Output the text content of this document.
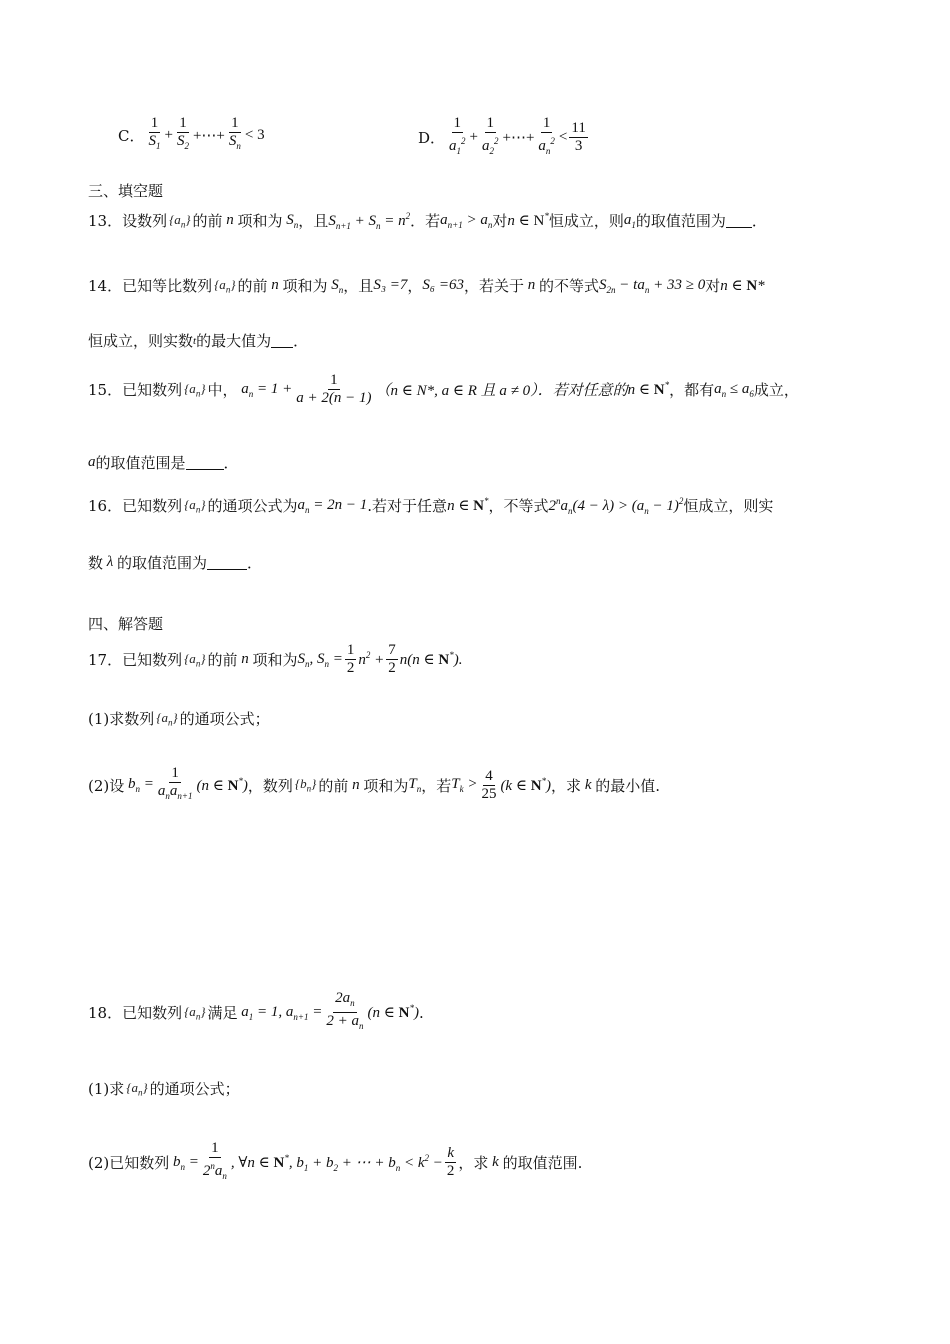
C． $\frac{1}{S_1} + \frac{1}{S_2}$ +⋯+ $\frac{1}{S_n} < 3$	D． $\frac{1}{a_1^2} + \frac{1}{a_2^2}$ +⋯+ $\frac{1}{a_n^2} < \frac{11}{3}$
三、填空题
13． 设数列 $\{a_n\}$ 的前 n 项和为 $S_n$ ，且 $S_{n+1} + S_n = n^2$ ．若 $a_{n+1} > a_n$ 对 n ∈ N* 恒成立，则 $a_1$ 的取值范围为 ．
14． 已知等比数列 $\{a_n\}$ 的前 n 项和为 $S_n$ ，且 S₃ =7 ， S₆ =63 ，若关于 n 的不等式 $S_{2n} - ta_n + 33 \ge 0$ 对 n ∈ N*
恒成立，则实数 t 的最大值为 ．
15． 已知数列 $\{a_n\}$ 中， $a_n = 1 + \frac{1}{a + 2(n - 1)} (n$ ∈ N*, a ∈ R 且 a ≠ 0）．若对任意的 n ∈ N* ，都有 $a_n \le a_6$ 成立，
a 的取值范围是	．
16． 已知数列 $\{a_n\}$ 的通项公式为 $a_n = 2n - 1$ .若对于任意 n ∈ N* ，不等式 $2^na_n(4 - \lambda) > (a_n - 1)^2$ 恒成立，则实
数 λ 的取值范围为	．
四、解答题
17． 已知数列 $\{a_n\}$ 的前 n 项和为 $S_n$, $S_n = \frac{1}{2} n^2 + \frac{7}{2} n(n$ ∈ N*).
(1)求数列 $\{a_n\}$ 的通项公式；
(2)设 $b_n = \frac{1}{a_na_{n+1}} (n$ ∈ N*) ，数列 $\{b_n\}$ 的前 n 项和为 $T_n$ ，若 $T_k > \frac{4}{25} (k$ ∈ N*) ，求 k 的最小值.
18． 已知数列 $\{a_n\}$ 满足 $a_1 = 1$, $a_{n+1} = \frac{2a_n}{2 + a_n} (n$ ∈ N*) .
(1)求 $\{a_n\}$ 的通项公式；
(2)已知数列 $b_n = \frac{1}{2^na_n}$ , ∀n ∈ N*, $b_1 + b_2$ + ⋯ + $b_n < k^2 - \frac{k}{2}$ ，求 k 的取值范围.
